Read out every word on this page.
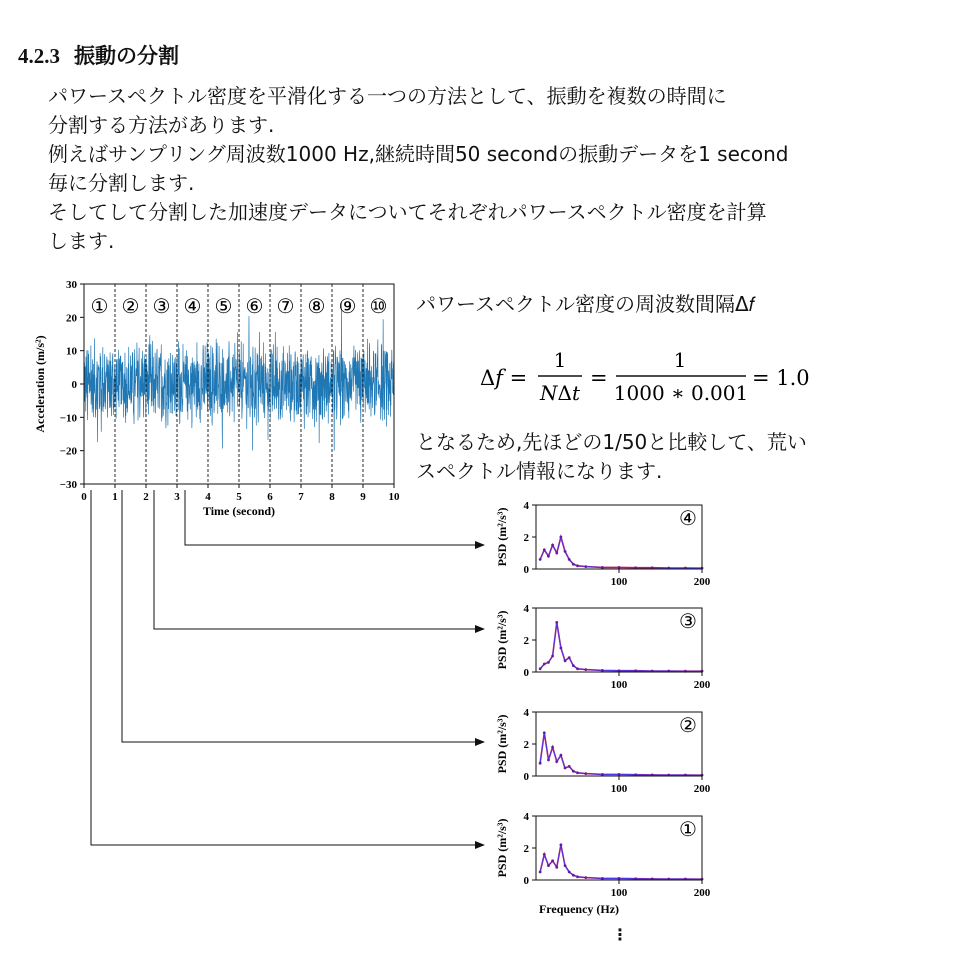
4.2.3 振動の分割
パワースペクトル密度を平滑化する一つの方法として、振動を複数の時間に
分割する方法があります.
例えばサンプリング周波数1000 Hz,継続時間50 secondの振動データを1 second
毎に分割します.
そしてして分割した加速度データについてそれぞれパワースペクトル密度を計算
します.
パワースペクトル密度の周波数間隔Δ𝑓
Δ𝑓 =
1
𝑁Δ𝑡
=
1
1000 ∗ 0.001
= 1.0
となるため,先ほどの1/50と比較して、荒い
スペクトル情報になります.
① ② ③ ④ ⑤ ⑥ ⑦ ⑧ ⑨ ⑩
0 1 2 3 4 5 6 7 8 9 10
30
20
10
0
−10
−20
−30
Time (second)
Acceleration (m/s²)
100	200
4
2
0
PSD (m²/s³)	④
100	200
4
2
0
PSD (m²/s³)	③
100	200
4
2
0
PSD (m²/s³)	②
100	200
4
2
0
PSD (m²/s³)	①
Frequency (Hz)
⋮
